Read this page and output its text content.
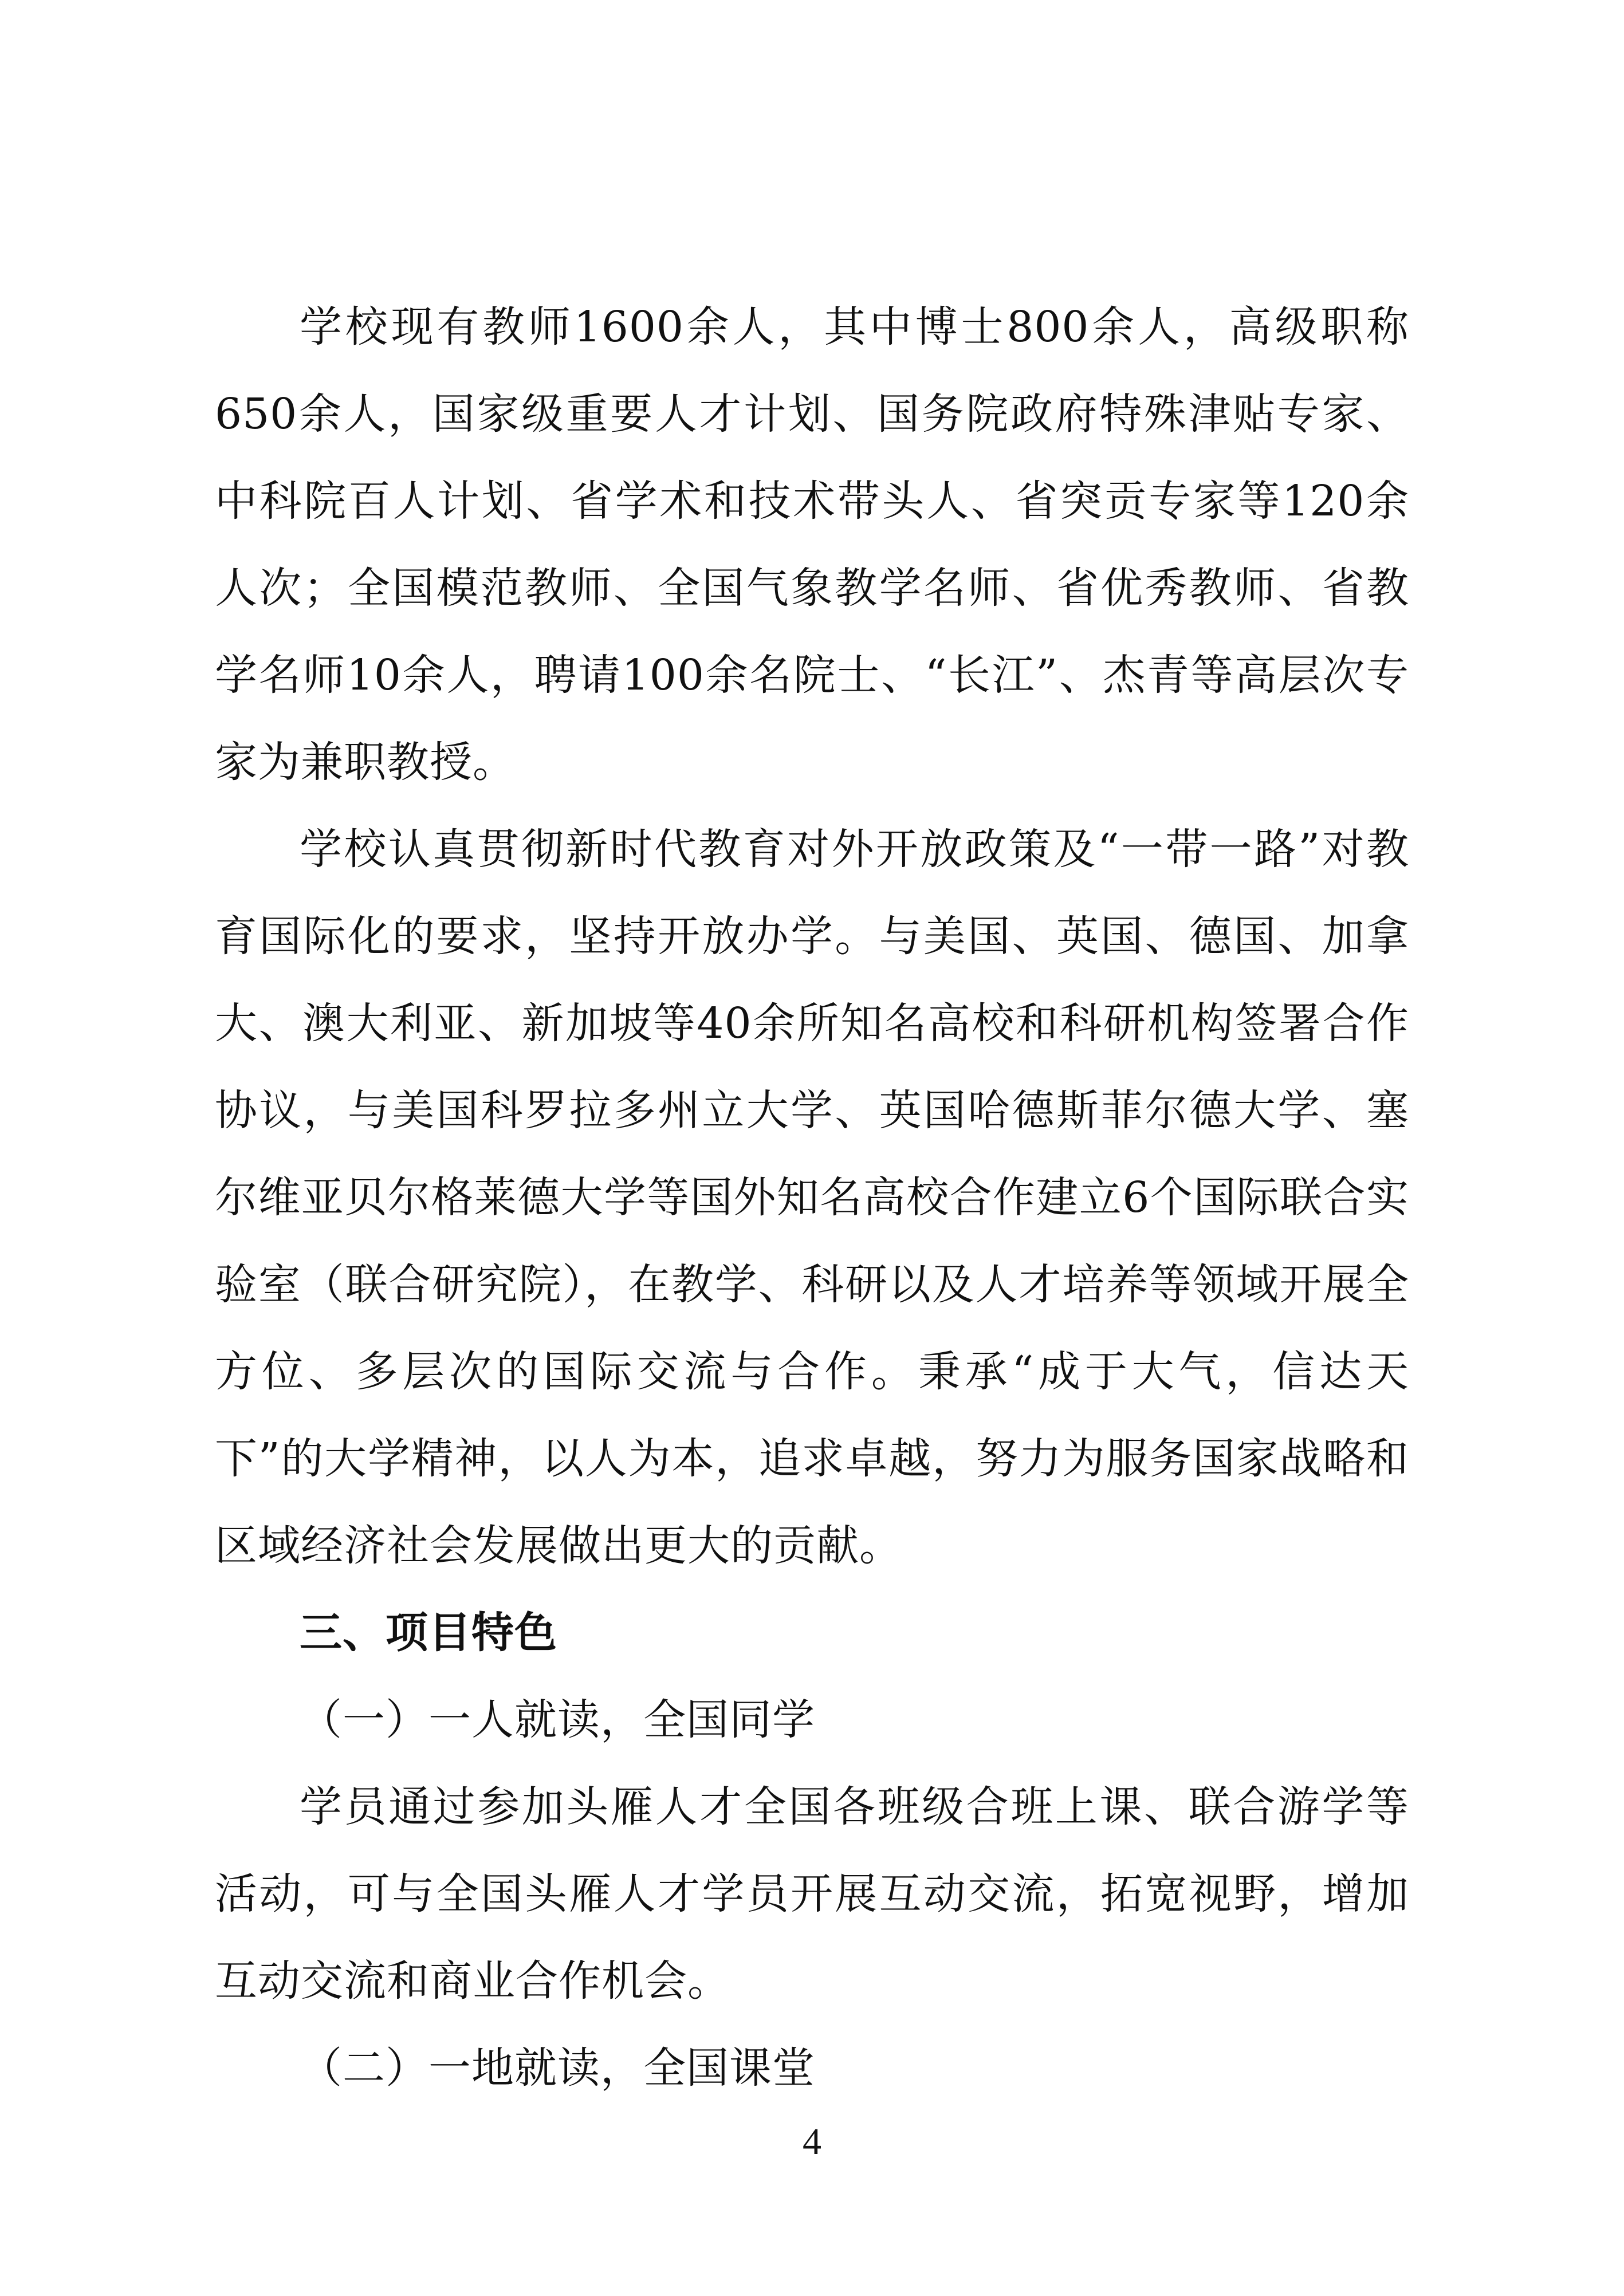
学校现有教师1600余人，其中博士800余人，高级职称650余人，国家级重要人才计划、国务院政府特殊津贴专家、中科院百人计划、省学术和技术带头人、省突贡专家等120余人次；全国模范教师、全国气象教学名师、省优秀教师、省教学名师10余人，聘请100余名院士、“长江”、杰青等高层次专家为兼职教授。

学校认真贯彻新时代教育对外开放政策及“一带一路”对教育国际化的要求，坚持开放办学。与美国、英国、德国、加拿大、澳大利亚、新加坡等40余所知名高校和科研机构签署合作协议，与美国科罗拉多州立大学、英国哈德斯菲尔德大学、塞尔维亚贝尔格莱德大学等国外知名高校合作建立6个国际联合实验室（联合研究院），在教学、科研以及人才培养等领域开展全方位、多层次的国际交流与合作。秉承“成于大气，信达天下”的大学精神，以人为本，追求卓越，努力为服务国家战略和区域经济社会发展做出更大的贡献。

三、项目特色

（一）一人就读，全国同学

学员通过参加头雁人才全国各班级合班上课、联合游学等活动，可与全国头雁人才学员开展互动交流，拓宽视野，增加互动交流和商业合作机会。

（二）一地就读，全国课堂

4
